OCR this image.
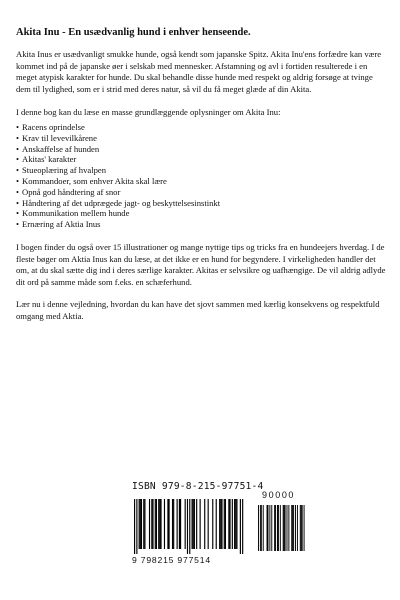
Akita Inu - En usædvanlig hund i enhver henseende.

Akita Inus er usædvanligt smukke hunde, også kendt som japanske Spitz. Akita Inu'ens forfædre kan være kommet ind på de japanske øer i selskab med mennesker. Afstamning og avl i fortiden resulterede i en meget atypisk karakter for hunde. Du skal behandle disse hunde med respekt og aldrig forsøge at tvinge dem til lydighed, som er i strid med deres natur, så vil du få meget glæde af din Akita.

I denne bog kan du læse en masse grundlæggende oplysninger om Akita Inu:

• Racens oprindelse
• Krav til levevilkårene
• Anskaffelse af hunden
• Akitas' karakter
• Stueoplæring af hvalpen
• Kommandoer, som enhver Akita skal lære
• Opnå god håndtering af snor
• Håndtering af det udprægede jagt- og beskyttelsesinstinkt
• Kommunikation mellem hunde
• Ernæring af Aktia Inus

I bogen finder du også over 15 illustrationer og mange nyttige tips og tricks fra en hundeejers hverdag. I de fleste bøger om Aktia Inus kan du læse, at det ikke er en hund for begyndere. I virkeligheden handler det om, at du skal sætte dig ind i deres særlige karakter. Akitas er selvsikre og uafhængige. De vil aldrig adlyde dit ord på samme måde som f.eks. en schæferhund.

Lær nu i denne vejledning, hvordan du kan have det sjovt sammen med kærlig konsekvens og respektfuld omgang med Aktia.

ISBN 979-8-215-97751-4
90000
9 798215 977514
